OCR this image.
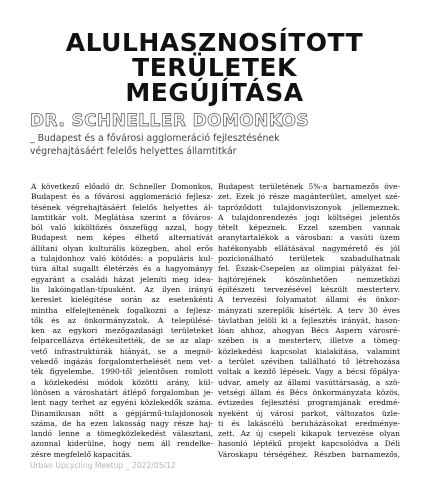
ALULHASZNOSÍTOTT
TERÜLETEK
MEGÚJÍTÁSA
DR. SCHNELLER DOMONKOS
_ Budapest és a fővárosi agglomeráció fejlesztésének
végrehajtásáért felelős helyettes államtitkár
A következő előadó dr. Schneller Domonkos,
Budapest és a fővárosi agglomeráció fejlesz-
tésének végrehajtásáért felelős helyettes ál-
lamtitkár volt. Meglátása szerint a főváros-
ból való kiköltözés összefügg azzal, hogy
Budapest nem képes élhető alternatívát
állítani olyan kulturális közegben, ahol erős
a tulajdonhoz való kötődés: a populáris kul-
túra által sugallt életérzés és a hagyományy
egyaránt a családi házat jeleníti meg idea-
lis lakóingatlan-típusként. Az ilyen irányú
kereslet kielégítése során az esetenkénti
mintha elfelejtenének fogalkozni a fejlesz-
tők és az önkormányzatok. A településé-
ken az egykori mezőgazdasági területeket
felparcellázva értékesítették, de se az alap-
vető infrastruktúrák hiányát, se a megnö-
vekedő ingázás forgalomterhelését nem vet-
ték figyelembe. 1990-től jelentősen romlott
a közlekedési módok közötti arány, kül-
lönösen a városhatárt átlépő forgalomban je-
lent nagy terhet az egyéni közlekedők száma.
Dinamikusan nőtt a gépjármű-tulajdonosok
száma, de ha ezen lakosság nagy része haj-
landó lenne a tömegközlekedést választani,
azonnal kiderülne, hogy nem áll rendelke-
zésre megfelelő kapacitás.
Budapest területének 5%-a barnamezős öve-
zet. Ezek jó része magánterület, amelyet szé-
tapróződott tulajdonviszonyok jellemeznek.
A tulajdonrendezés jogi költségei jelentős
tételt képeznek. Ezzel szemben vannak
aranytartalékok a városban: a vasúti üzem
hatékonyabb ellátásával nagymérető és jól
pozicionálható területek szabadulhatnak
fel. Észak-Csepelen az olimpiai pályázat fel-
hajtórejének köszönhetően nemzetközi
építészeti tervezésével készült mesterterv.
A tervezési folyamatot állami és önkor-
mányzati szereplők kísérték. A terv 30 éves
távlatban jelöli ki a fejlesztés irányát, hason-
lóan ahhoz, ahogyan Bécs Aspern városré-
szében is a mesterterv, illetve a tömeg-
közlekedési kapcsolat kialakítása, valamint
a terület széviben tallálható tő létrehozása
voltak a kezdő lépések. Vagy a bécsi főpálya-
udvar, amely az állami vasúttársaság, a szö-
vetségi állam és Bécs önkormányzata közös,
évtizedes fejlesztési programjának eredmé-
nyeként új városi parkot, változatos üzle-
ti és lakáscélú beruházásokat eredménye-
zett. Az új csepeli kikapuk tervezése olyan
hasonló léptékű projekt kapcsolódva a Déli
Városkapu térségéhez. Részben barnamezős,
Urban Upcycling Meetup _ 2022/05/12
